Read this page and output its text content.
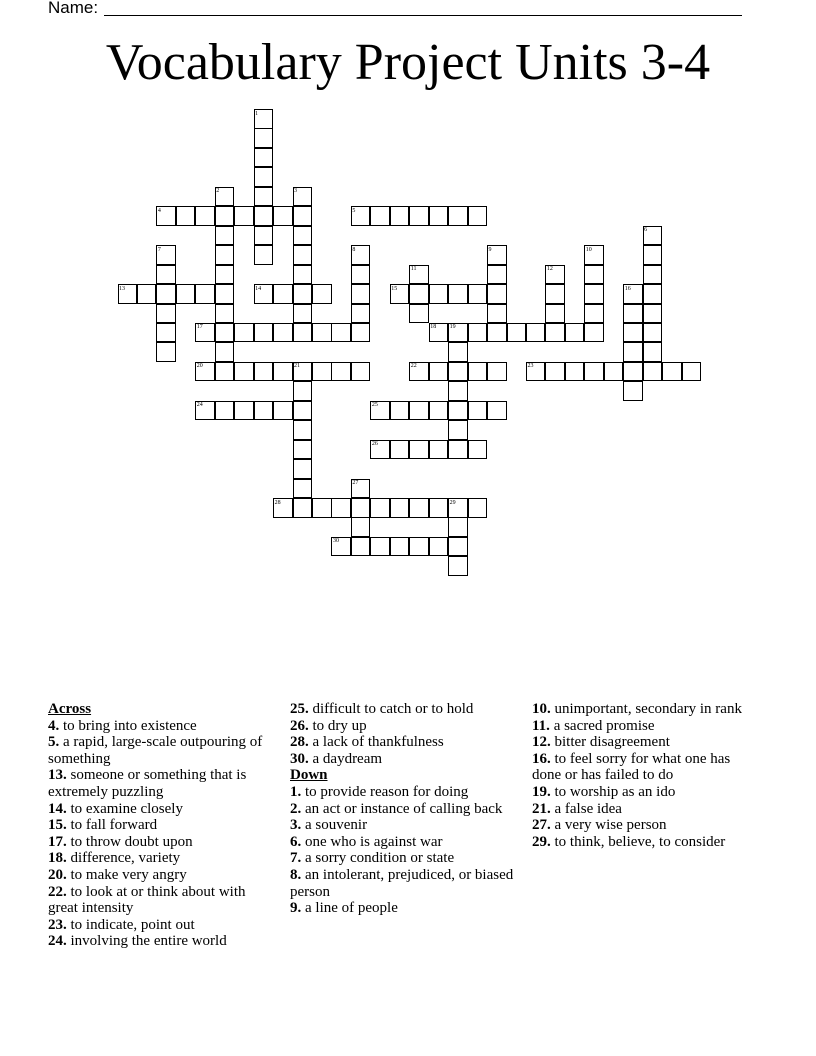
Name:
Vocabulary Project Units 3-4
1
2	3
4	5
6
7	8	9	10
11	12
13	14	15	16
17	18 19
20	21	22	23
24	25
26
27
28	29
30
Across
4. to bring into existence
5. a rapid, large-scale outpouring of something
13. someone or something that is extremely puzzling
14. to examine closely
15. to fall forward
17. to throw doubt upon
18. difference, variety
20. to make very angry
22. to look at or think about with great intensity
23. to indicate, point out
24. involving the entire world
25. difficult to catch or to hold
26. to dry up
28. a lack of thankfulness
30. a daydream
Down
1. to provide reason for doing
2. an act or instance of calling back
3. a souvenir
6. one who is against war
7. a sorry condition or state
8. an intolerant, prejudiced, or biased person
9. a line of people
10. unimportant, secondary in rank
11. a sacred promise
12. bitter disagreement
16. to feel sorry for what one has done or has failed to do
19. to worship as an ido
21. a false idea
27. a very wise person
29. to think, believe, to consider
